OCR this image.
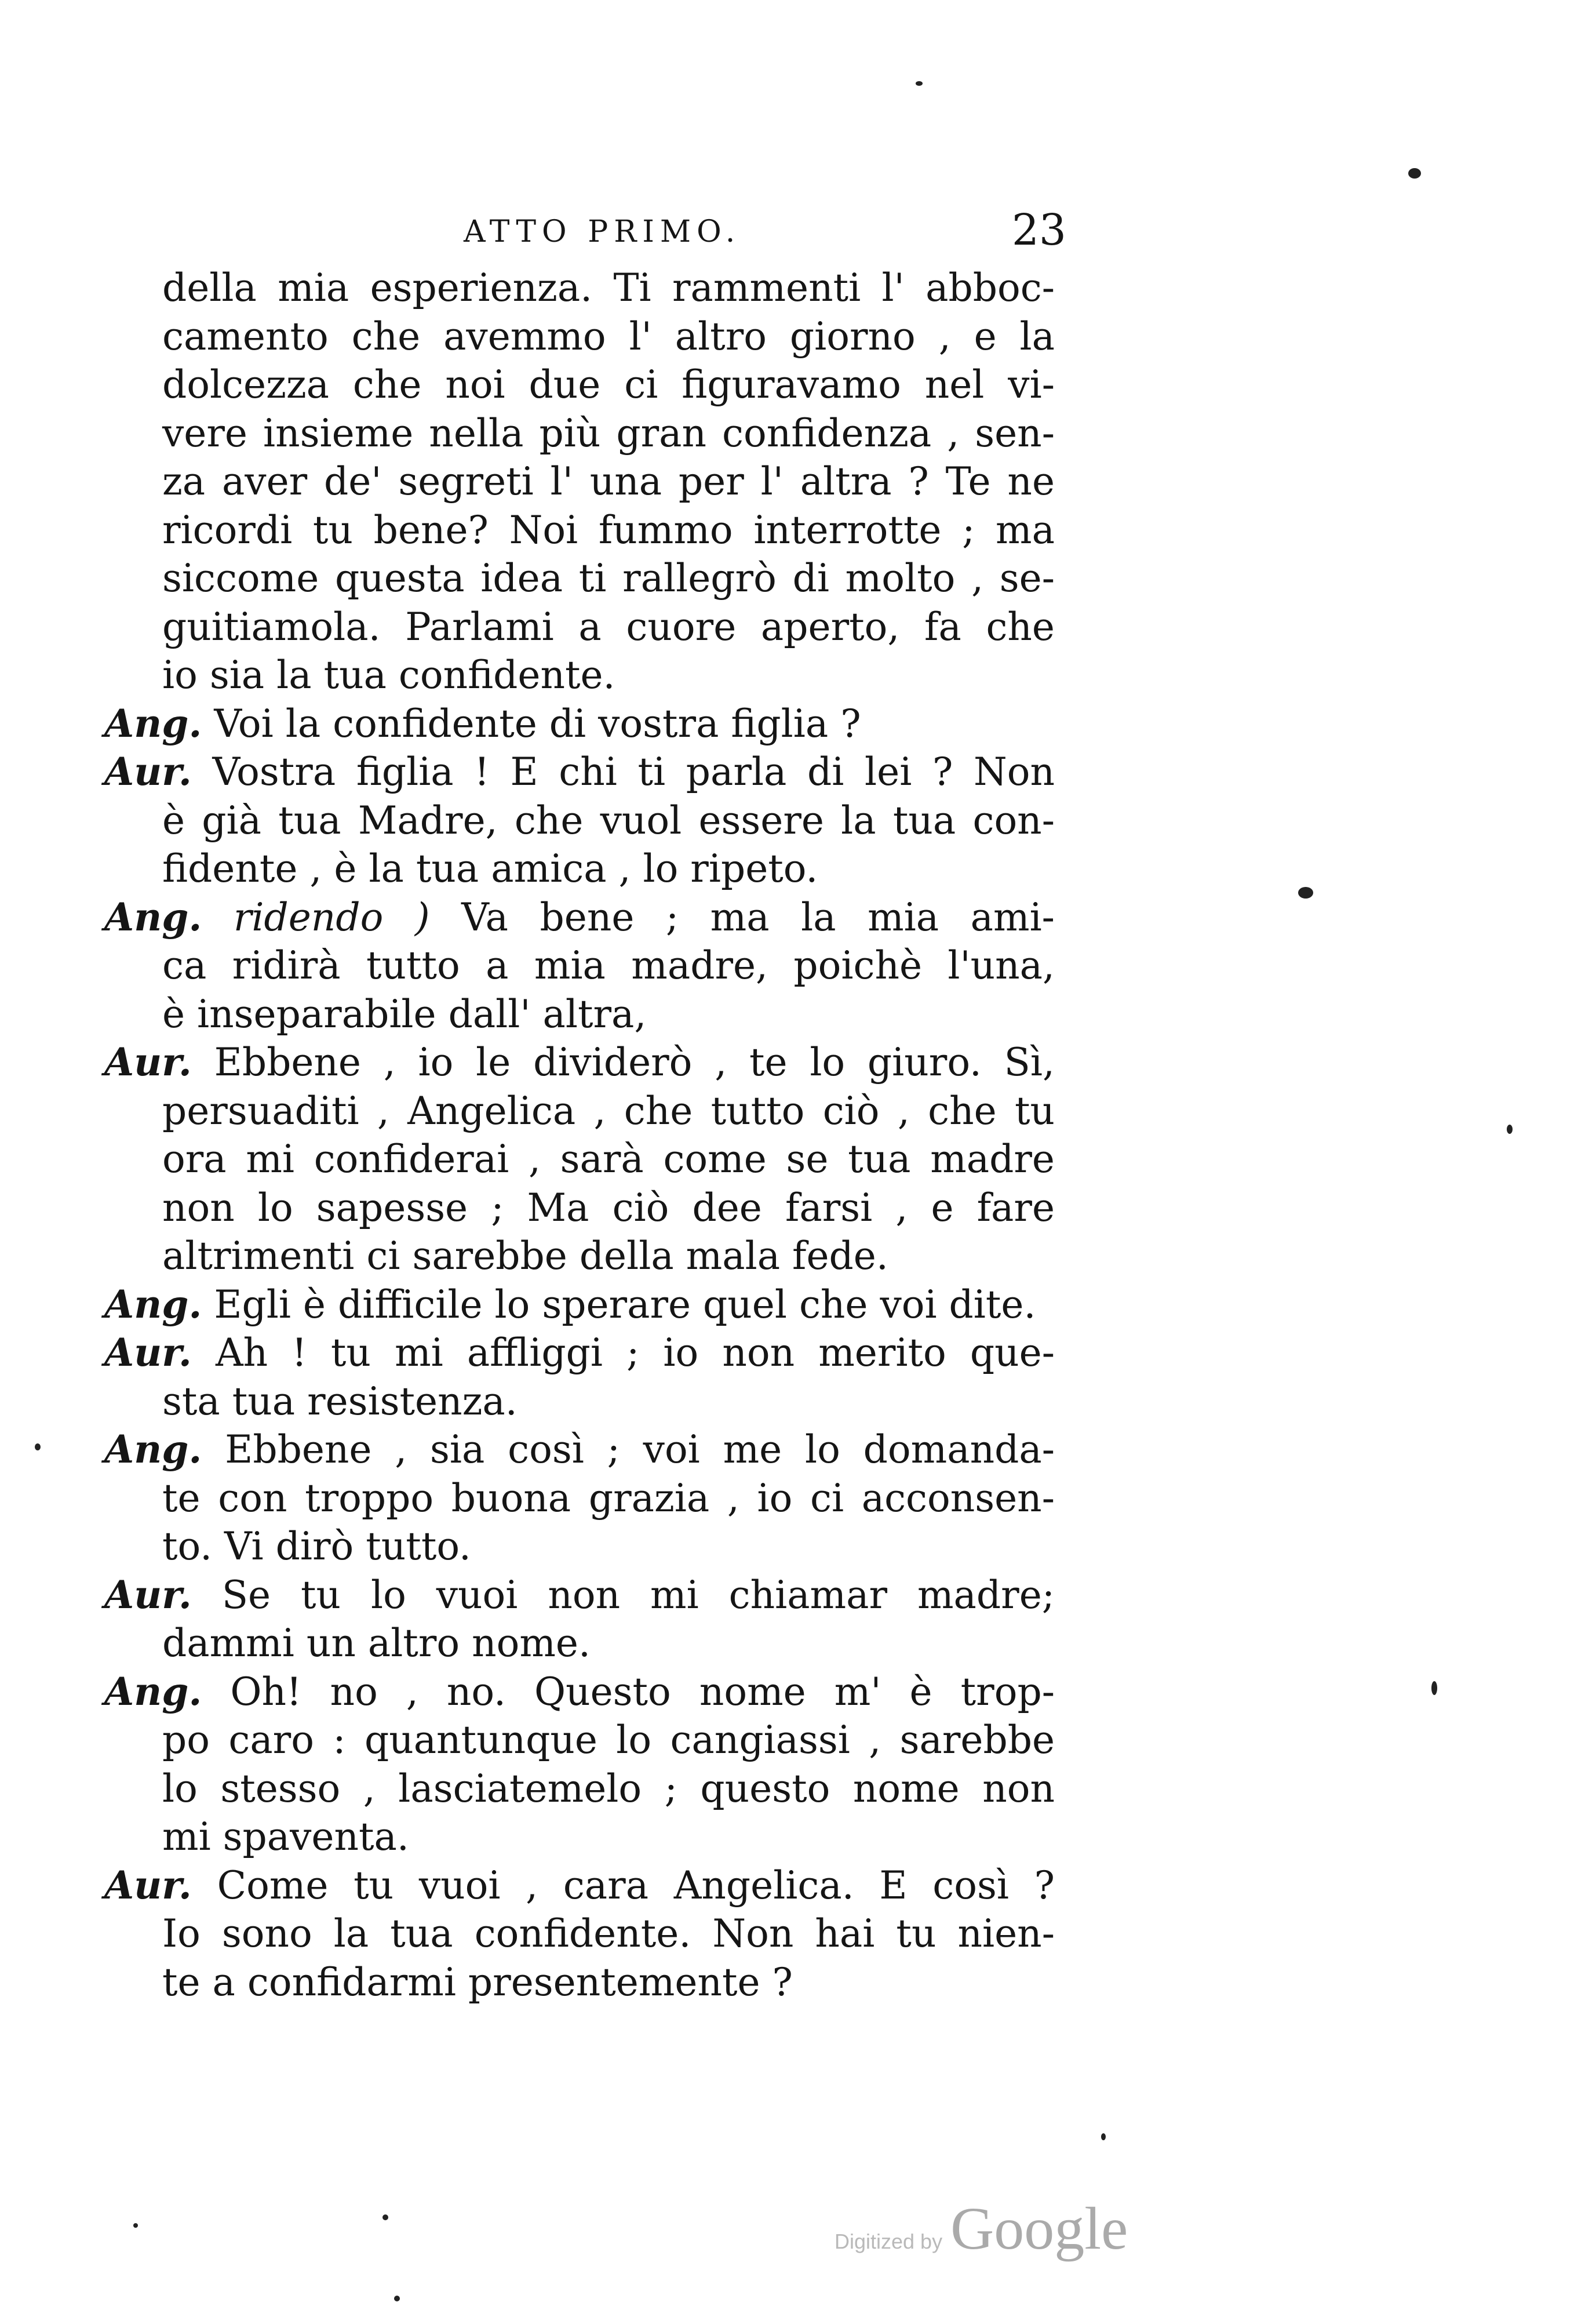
ATTO PRIMO.	23
della mia esperienza. Ti rammenti l' abboc-
camento che avemmo l' altro giorno , e la
dolcezza che noi due ci figuravamo nel vi-
vere insieme nella più gran confidenza , sen-
za aver de' segreti l' una per l' altra ? Te ne
ricordi tu bene? Noi fummo interrotte ; ma
siccome questa idea ti rallegrò di molto , se-
guitiamola. Parlami a cuore aperto, fa che
io sia la tua confidente.
Ang. Voi la confidente di vostra figlia ?
Aur. Vostra figlia ! E chi ti parla di lei ? Non
è già tua Madre, che vuol essere la tua con-
fidente , è la tua amica , lo ripeto.
Ang. ridendo ) Va bene ; ma la mia ami-
ca ridirà tutto a mia madre, poichè l'una,
è inseparabile dall' altra,
Aur. Ebbene , io le dividerò , te lo giuro. Sì,
persuaditi , Angelica , che tutto ciò , che tu
ora mi confiderai , sarà come se tua madre
non lo sapesse ; Ma ciò dee farsi , e fare
altrimenti ci sarebbe della mala fede.
Ang. Egli è difficile lo sperare quel che voi dite.
Aur. Ah ! tu mi affliggi ; io non merito que-
sta tua resistenza.
Ang. Ebbene , sia così ; voi me lo domanda-
te con troppo buona grazia , io ci acconsen-
to. Vi dirò tutto.
Aur. Se tu lo vuoi non mi chiamar madre;
dammi un altro nome.
Ang. Oh! no , no. Questo nome m' è trop-
po caro : quantunque lo cangiassi , sarebbe
lo stesso , lasciatemelo ; questo nome non
mi spaventa.
Aur. Come tu vuoi , cara Angelica. E così ?
Io sono la tua confidente. Non hai tu nien-
te a confidarmi presentemente ?
Digitized by Google
